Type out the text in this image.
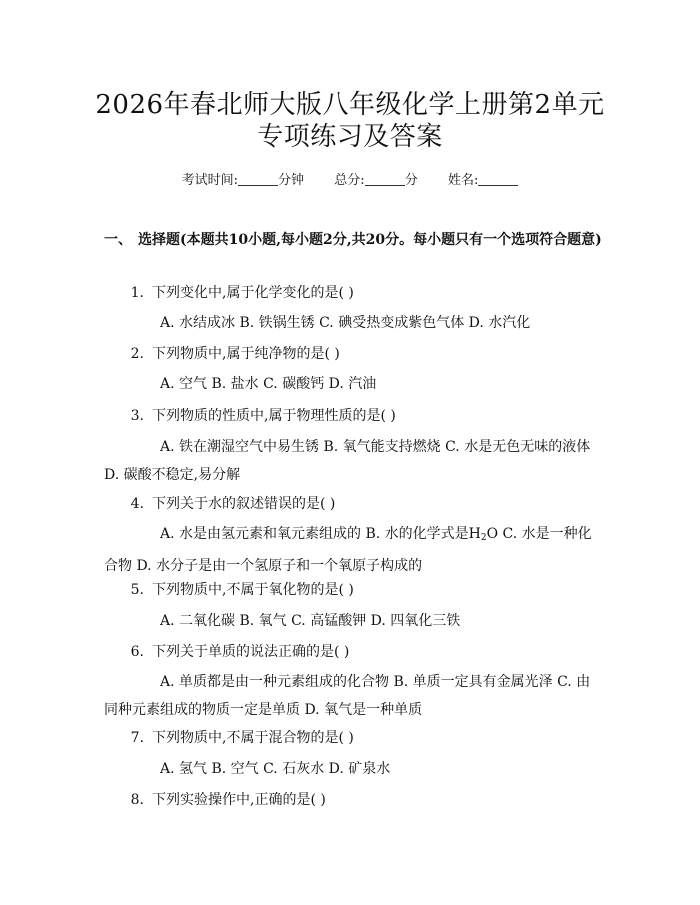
2026年春北师大版八年级化学上册第2单元
专项练习及答案
考试时间:	分钟 总分:	分 姓名:
一、 选择题(本题共10小题,每小题2分,共20分。每小题只有一个选项符合题意)
1. 下列变化中,属于化学变化的是( )
A. 水结成冰 B. 铁锅生锈 C. 碘受热变成紫色气体 D. 水汽化
2. 下列物质中,属于纯净物的是( )
A. 空气 B. 盐水 C. 碳酸钙 D. 汽油
3. 下列物质的性质中,属于物理性质的是( )
A. 铁在潮湿空气中易生锈 B. 氧气能支持燃烧 C. 水是无色无味的液体 D. 碳酸不稳定,易分解
4. 下列关于水的叙述错误的是( )
A. 水是由氢元素和氧元素组成的 B. 水的化学式是$H_2O$ C. 水是一种化合物 D. 水分子是由一个氢原子和一个氧原子构成的
5. 下列物质中,不属于氧化物的是( )
A. 二氧化碳 B. 氧气 C. 高锰酸钾 D. 四氧化三铁
6. 下列关于单质的说法正确的是( )
A. 单质都是由一种元素组成的化合物 B. 单质一定具有金属光泽 C. 由同种元素组成的物质一定是单质 D. 氧气是一种单质
7. 下列物质中,不属于混合物的是( )
A. 氢气 B. 空气 C. 石灰水 D. 矿泉水
8. 下列实验操作中,正确的是( )
